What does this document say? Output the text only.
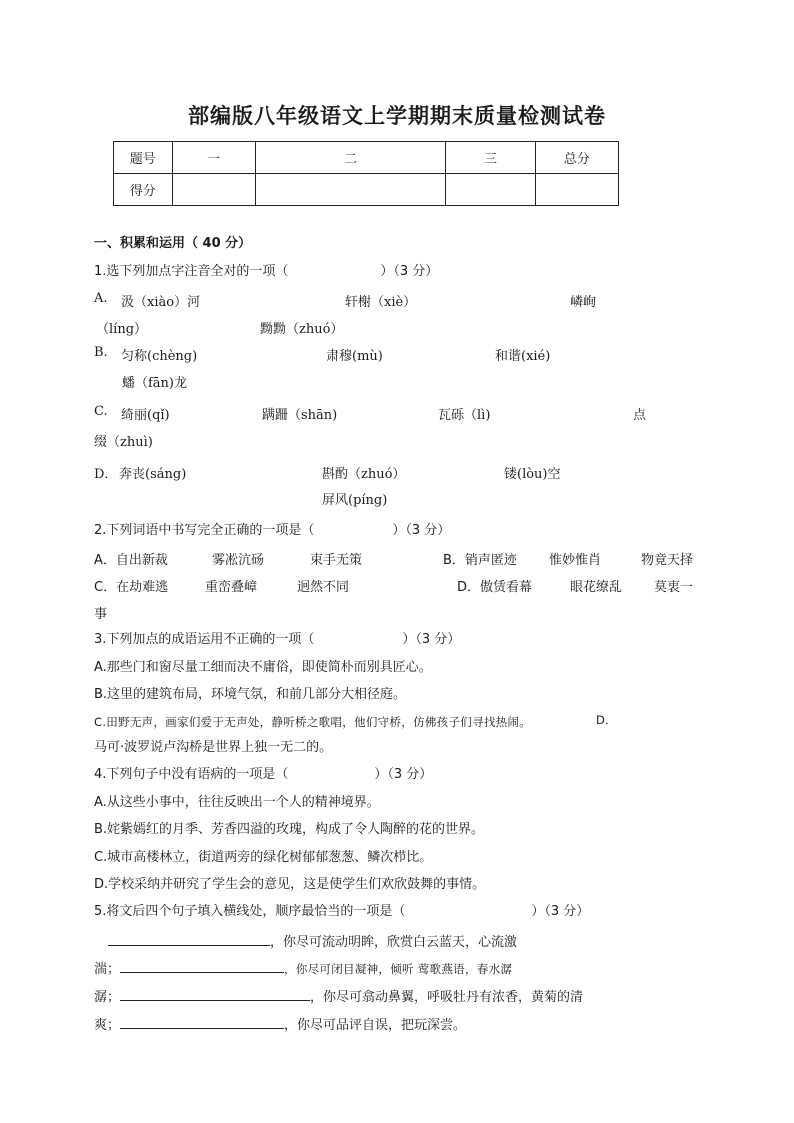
部编版八年级语文上学期期末质量检测试卷
题号	一	二	三	总分
得分				
一、积累和运用（ 40 分）
1.选下列加点字注音全对的一项（	）（3 分）
A. 汲（xiào）河	轩榭（xiè）	嶙峋
（líng）	黝黝（zhuó）
B. 匀称(chèng)	肃穆(mù)	和谐(xié)
蟠（fān)龙
C. 绮丽(qǐ)	蹒跚（shān)	瓦砾（lì)	点
缀（zhuì)
D． 奔丧(sáng)	斟酌（zhuó）	镂(lòu)空
屏风(píng)
2.下列词语中书写完全正确的一项是（	）（3 分）
A．自出新裁	雾凇沆砀	束手无策	B．销声匿迹 惟妙惟肖	物竟天择
C．在劫难逃	重峦叠嶂	迥然不同	D．傲赁看幕	眼花缭乱 莫衷一
事
3.下列加点的成语运用不正确的一项（	）（3 分）
A.那些门和窗尽量工细而决不庸俗，即使简朴而别具匠心。
B.这里的建筑布局，环境气氛，和前几部分大相径庭。
C.田野无声，画家们爱于无声处，静听桥之歌唱，他们守桥，仿佛孩子们寻找热闹。	D.
马可·波罗说卢沟桥是世界上独一无二的。
4.下列句子中没有语病的一项是（	）（3 分）
A.从这些小事中，往往反映出一个人的精神境界。
B.姹紫嫣红的月季、芳香四溢的玫瑰，构成了令人陶醉的花的世界。
C.城市高楼林立，街道两旁的绿化树郁郁葱葱、鳞次栉比。
D.学校采纳并研究了学生会的意见，这是使学生们欢欣鼓舞的事情。
5.将文后四个句子填入横线处，顺序最恰当的一项是（	）（3 分）
，你尽可流动明眸，欣赏白云蓝天，心流激
湍；	，你尽可闭目凝神，倾听 莺歌燕语，春水潺
潺；	，你尽可翕动鼻翼，呼吸牡丹有浓香，黄菊的清
爽；	，你尽可品评自误，把玩深尝。
